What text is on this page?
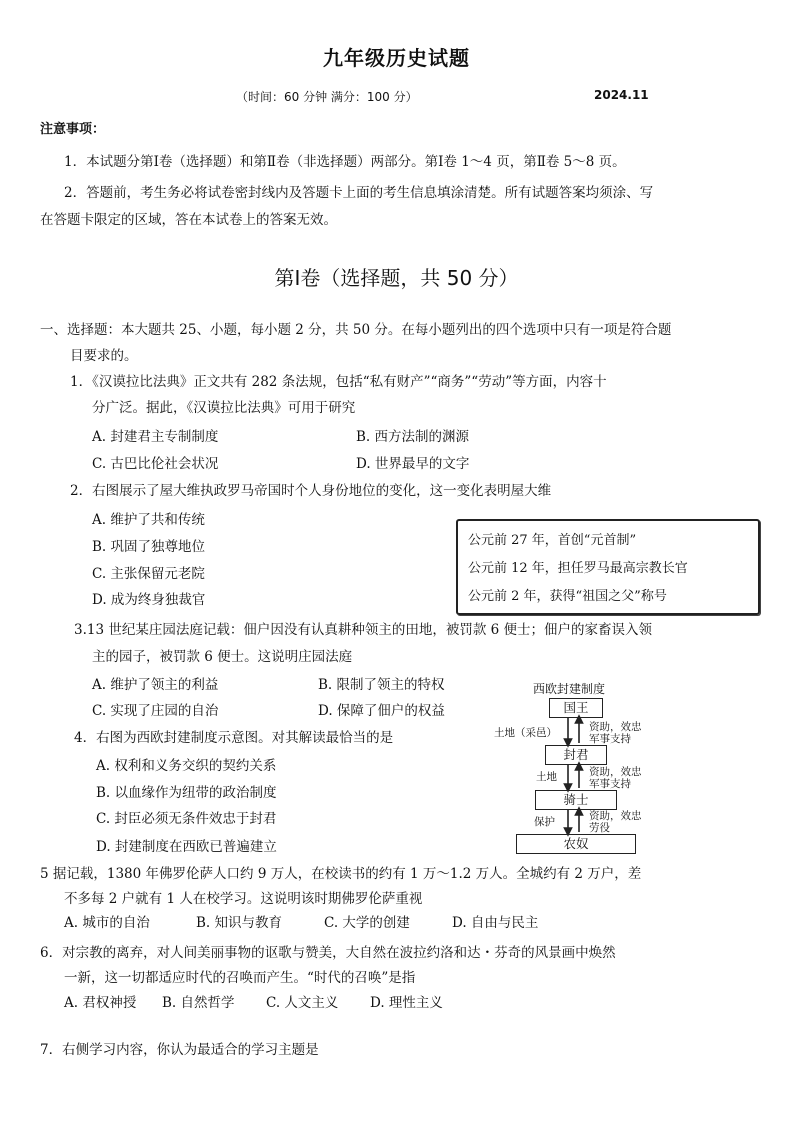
九年级历史试题
（时间：60 分钟 满分：100 分）	2024.11
注意事项：
1．本试题分第Ⅰ卷（选择题）和第Ⅱ卷（非选择题）两部分。第Ⅰ卷 1～4 页，第Ⅱ卷 5～8 页。
2．答题前，考生务必将试卷密封线内及答题卡上面的考生信息填涂清楚。所有试题答案均须涂、写
在答题卡限定的区域，答在本试卷上的答案无效。
第Ⅰ卷（选择题，共 50 分）
一、选择题：本大题共 25、小题，每小题 2 分，共 50 分。在每小题列出的四个选项中只有一项是符合题
目要求的。
1．《汉谟拉比法典》正文共有 282 条法规，包括“私有财产”“商务”“劳动”等方面，内容十
分广泛。据此，《汉谟拉比法典》可用于研究
A. 封建君主专制制度	B. 西方法制的渊源
C. 古巴比伦社会状况	D. 世界最早的文字
2．右图展示了屋大维执政罗马帝国时个人身份地位的变化，这一变化表明屋大维
A. 维护了共和传统
B. 巩固了独尊地位
C. 主张保留元老院
D. 成为终身独裁官
公元前 27 年，首创“元首制”
公元前 12 年，担任罗马最高宗教长官
公元前 2 年，获得“祖国之父”称号
3.13 世纪某庄园法庭记载：佃户因没有认真耕种领主的田地，被罚款 6 便士；佃户的家畜误入领
主的园子，被罚款 6 便士。这说明庄园法庭
A. 维护了领主的利益	B. 限制了领主的特权
C. 实现了庄园的自治	D. 保障了佃户的权益
4．右图为西欧封建制度示意图。对其解读最恰当的是
A. 权利和义务交织的契约关系
B. 以血缘作为纽带的政治制度
C. 封臣必须无条件效忠于封君
D. 封建制度在西欧已普遍建立
西欧封建制度
国王
封君
骑士
农奴
土地（采邑）
土地
保护
资助，效忠
军事支持
资助，效忠
军事支持
资助，效忠
劳役
5 据记载，1380 年佛罗伦萨人口约 9 万人，在校读书的约有 1 万～1.2 万人。全城约有 2 万户，差
不多每 2 户就有 1 人在校学习。这说明该时期佛罗伦萨重视
A. 城市的自治	B. 知识与教育	C. 大学的创建	D. 自由与民主
6．对宗教的离弃，对人间美丽事物的讴歌与赞美，大自然在波拉约洛和达・芬奇的风景画中焕然
一新，这一切都适应时代的召唤而产生。“时代的召唤”是指
A. 君权神授 B. 自然哲学 C. 人文主义 D. 理性主义
7．右侧学习内容，你认为最适合的学习主题是
